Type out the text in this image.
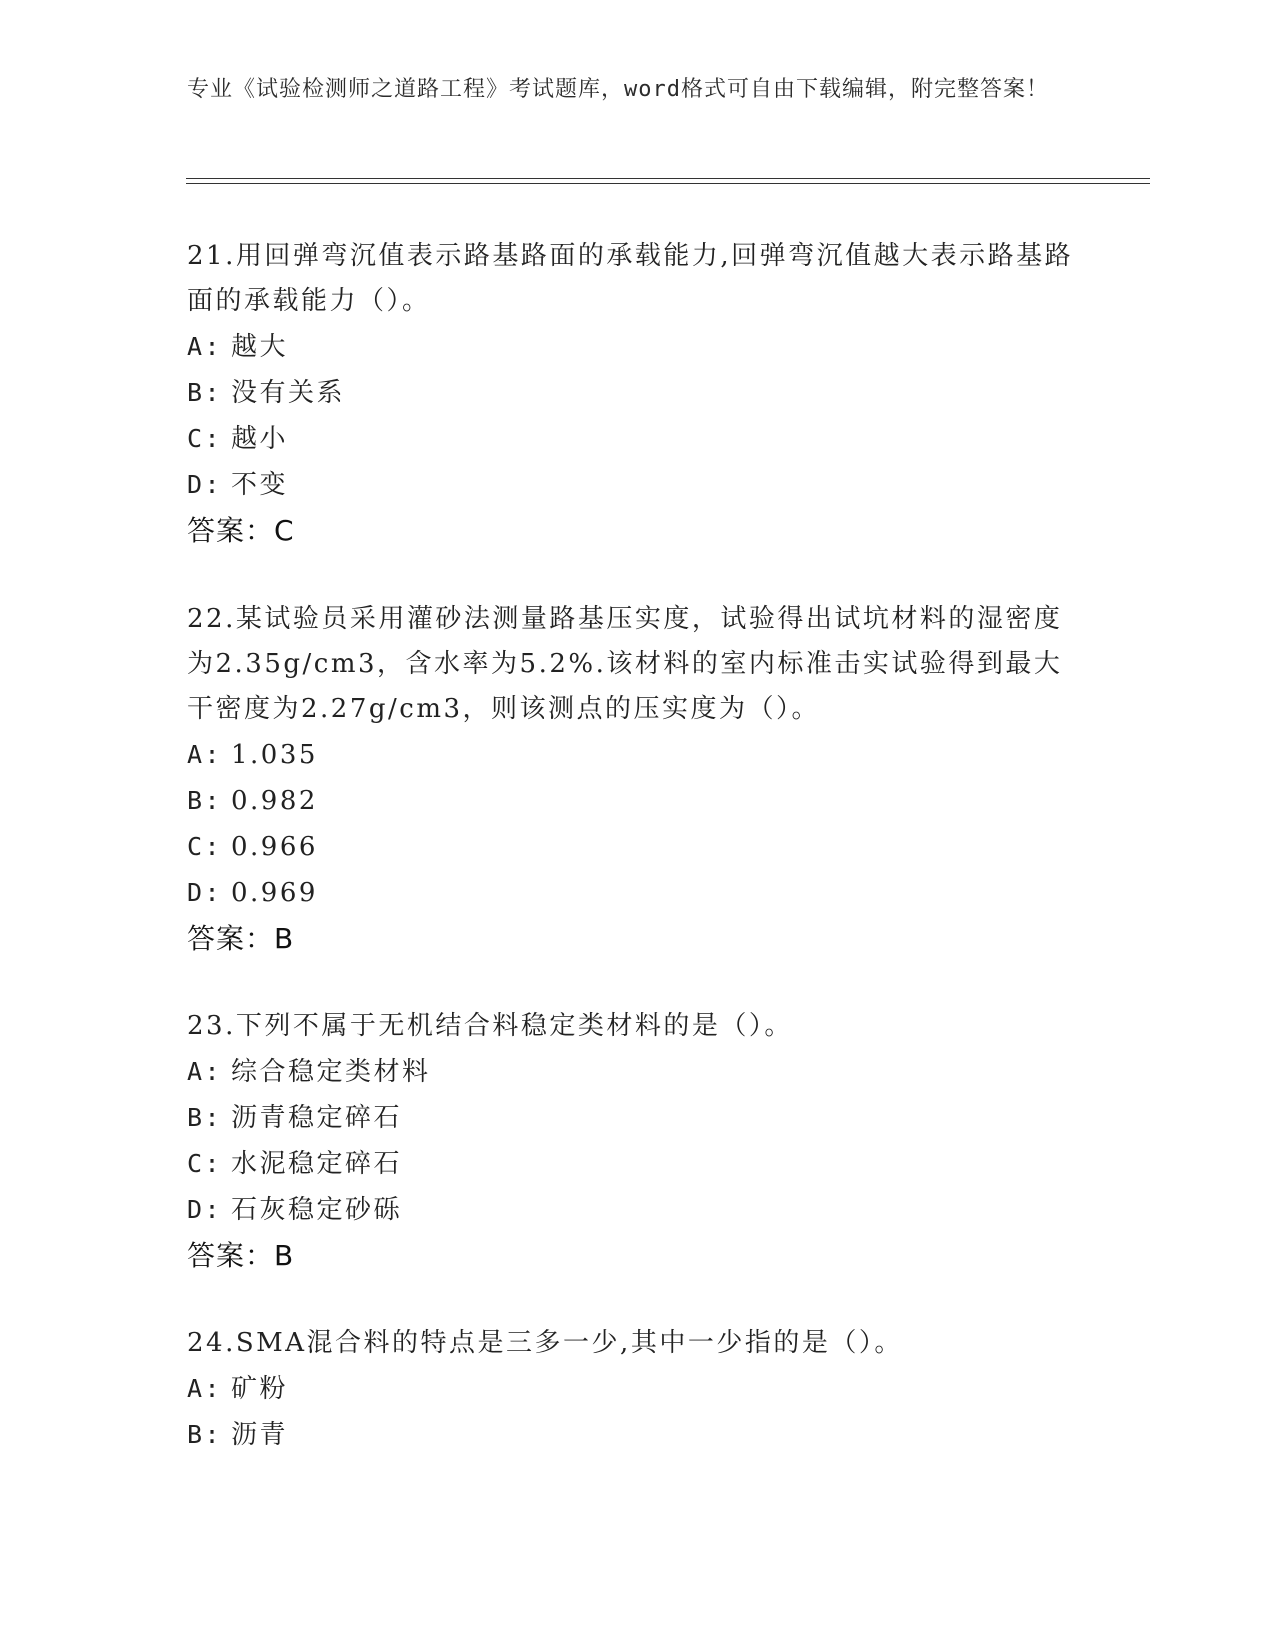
专业《试验检测师之道路工程》考试题库，word格式可自由下载编辑，附完整答案！

21.用回弹弯沉值表示路基路面的承载能力,回弹弯沉值越大表示路基路面的承载能力（）。

A: 越大
B: 没有关系
C: 越小
D: 不变
答案：C

22.某试验员采用灌砂法测量路基压实度，试验得出试坑材料的湿密度为2.35g/cm3，含水率为5.2%.该材料的室内标准击实试验得到最大干密度为2.27g/cm3，则该测点的压实度为（）。

A: 1.035
B: 0.982
C: 0.966
D: 0.969
答案：B

23.下列不属于无机结合料稳定类材料的是（）。

A: 综合稳定类材料
B: 沥青稳定碎石
C: 水泥稳定碎石
D: 石灰稳定砂砾
答案：B

24.SMA混合料的特点是三多一少,其中一少指的是（）。

A: 矿粉
B: 沥青
